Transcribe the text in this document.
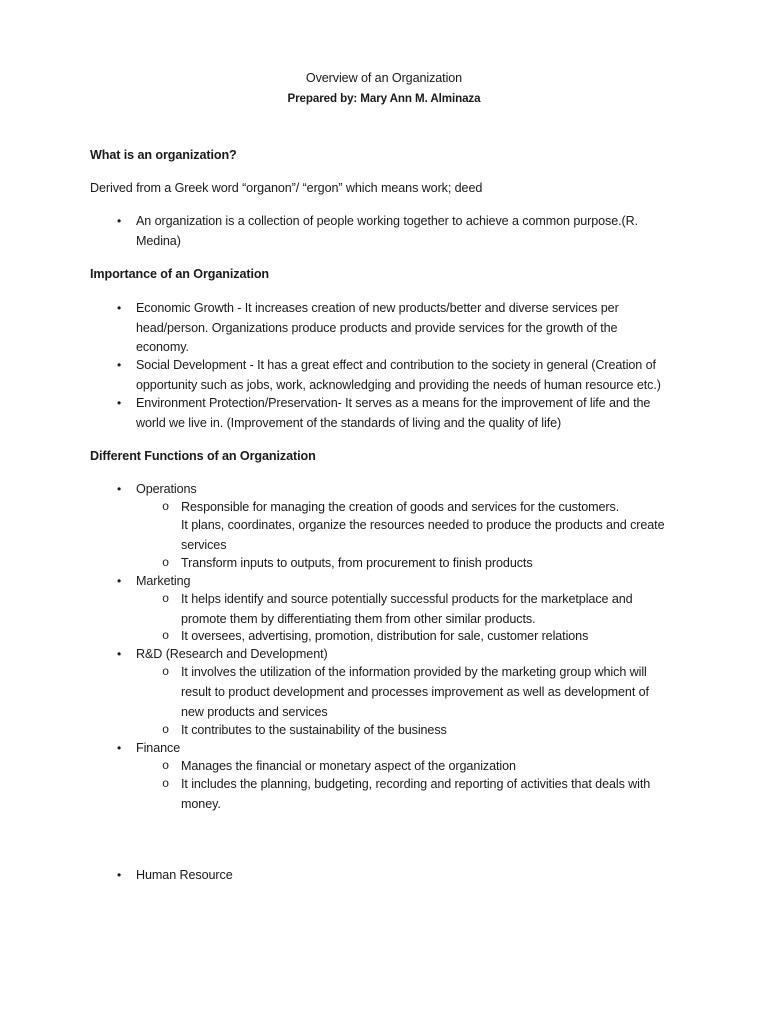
Overview of an Organization

Prepared by: Mary Ann M. Alminaza

What is an organization?

Derived from a Greek word “organon”/ “ergon” which means work; deed

• An organization is a collection of people working together to achieve a common purpose.(R.

Medina)

Importance of an Organization

• Economic Growth - It increases creation of new products/better and diverse services per

head/person. Organizations produce products and provide services for the growth of the

economy.

• Social Development - It has a great effect and contribution to the society in general (Creation of

opportunity such as jobs, work, acknowledging and providing the needs of human resource etc.)

• Environment Protection/Preservation- It serves as a means for the improvement of life and the

world we live in. (Improvement of the standards of living and the quality of life)

Different Functions of an Organization

• Operations

o Responsible for managing the creation of goods and services for the customers.

It plans, coordinates, organize the resources needed to produce the products and create

services

o Transform inputs to outputs, from procurement to finish products

• Marketing

o It helps identify and source potentially successful products for the marketplace and

promote them by differentiating them from other similar products.

o It oversees, advertising, promotion, distribution for sale, customer relations

• R&D (Research and Development)

o It involves the utilization of the information provided by the marketing group which will

result to product development and processes improvement as well as development of

new products and services

o It contributes to the sustainability of the business

• Finance

o Manages the financial or monetary aspect of the organization

o It includes the planning, budgeting, recording and reporting of activities that deals with

money.

• Human Resource
